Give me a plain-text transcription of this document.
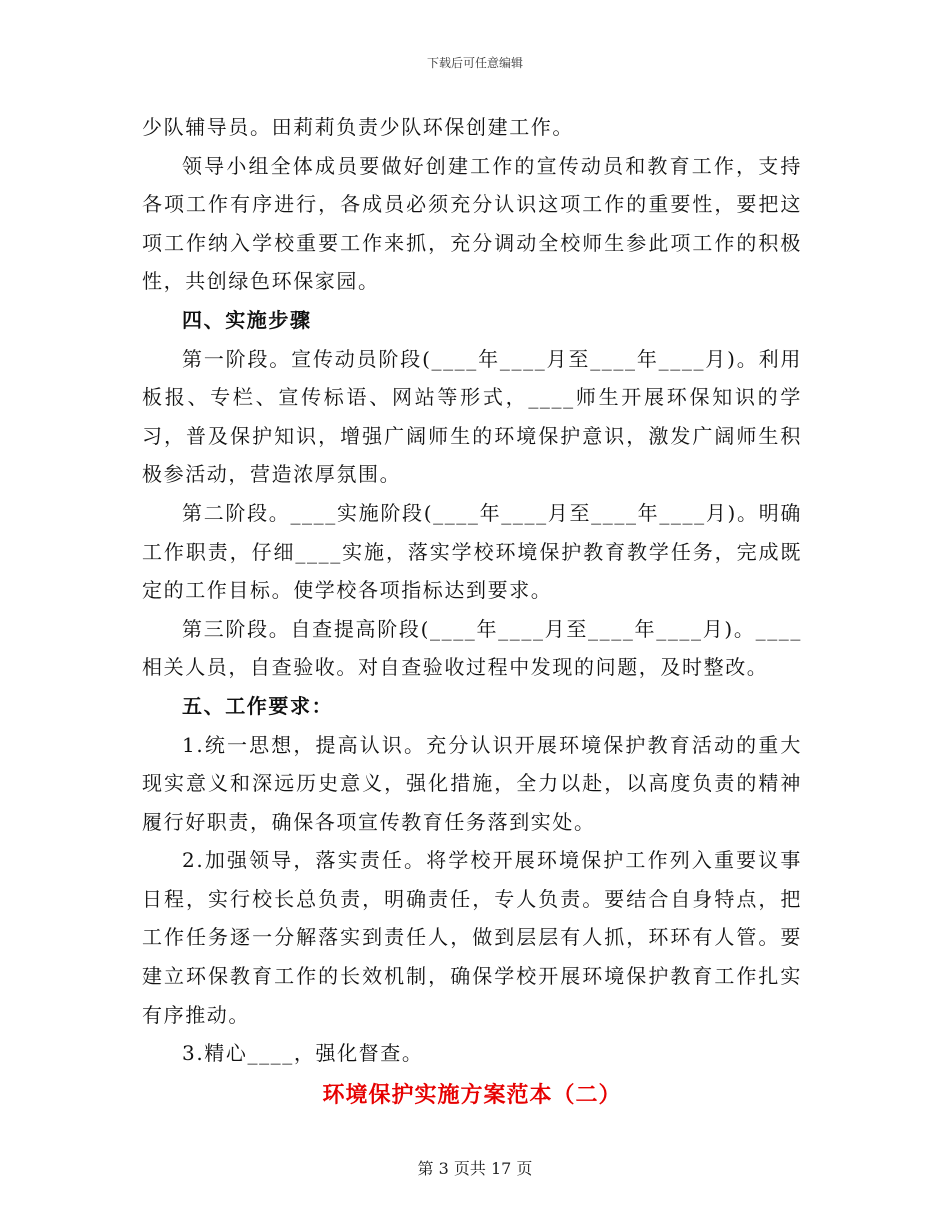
下载后可任意编辑

少队辅导员。田莉莉负责少队环保创建工作。

领导小组全体成员要做好创建工作的宣传动员和教育工作，支持各项工作有序进行，各成员必须充分认识这项工作的重要性，要把这项工作纳入学校重要工作来抓，充分调动全校师生参此项工作的积极性，共创绿色环保家园。

四、实施步骤

第一阶段。宣传动员阶段(____年____月至____年____月)。利用板报、专栏、宣传标语、网站等形式，____师生开展环保知识的学习，普及保护知识，增强广阔师生的环境保护意识，激发广阔师生积极参活动，营造浓厚氛围。

第二阶段。____实施阶段(____年____月至____年____月)。明确工作职责，仔细____实施，落实学校环境保护教育教学任务，完成既定的工作目标。使学校各项指标达到要求。

第三阶段。自查提高阶段(____年____月至____年____月)。____相关人员，自查验收。对自查验收过程中发现的问题，及时整改。

五、工作要求：

1.统一思想，提高认识。充分认识开展环境保护教育活动的重大现实意义和深远历史意义，强化措施，全力以赴，以高度负责的精神履行好职责，确保各项宣传教育任务落到实处。

2.加强领导，落实责任。将学校开展环境保护工作列入重要议事日程，实行校长总负责，明确责任，专人负责。要结合自身特点，把工作任务逐一分解落实到责任人，做到层层有人抓，环环有人管。要建立环保教育工作的长效机制，确保学校开展环境保护教育工作扎实有序推动。

3.精心____，强化督查。

环境保护实施方案范本（二）
第 3 页共 17 页
